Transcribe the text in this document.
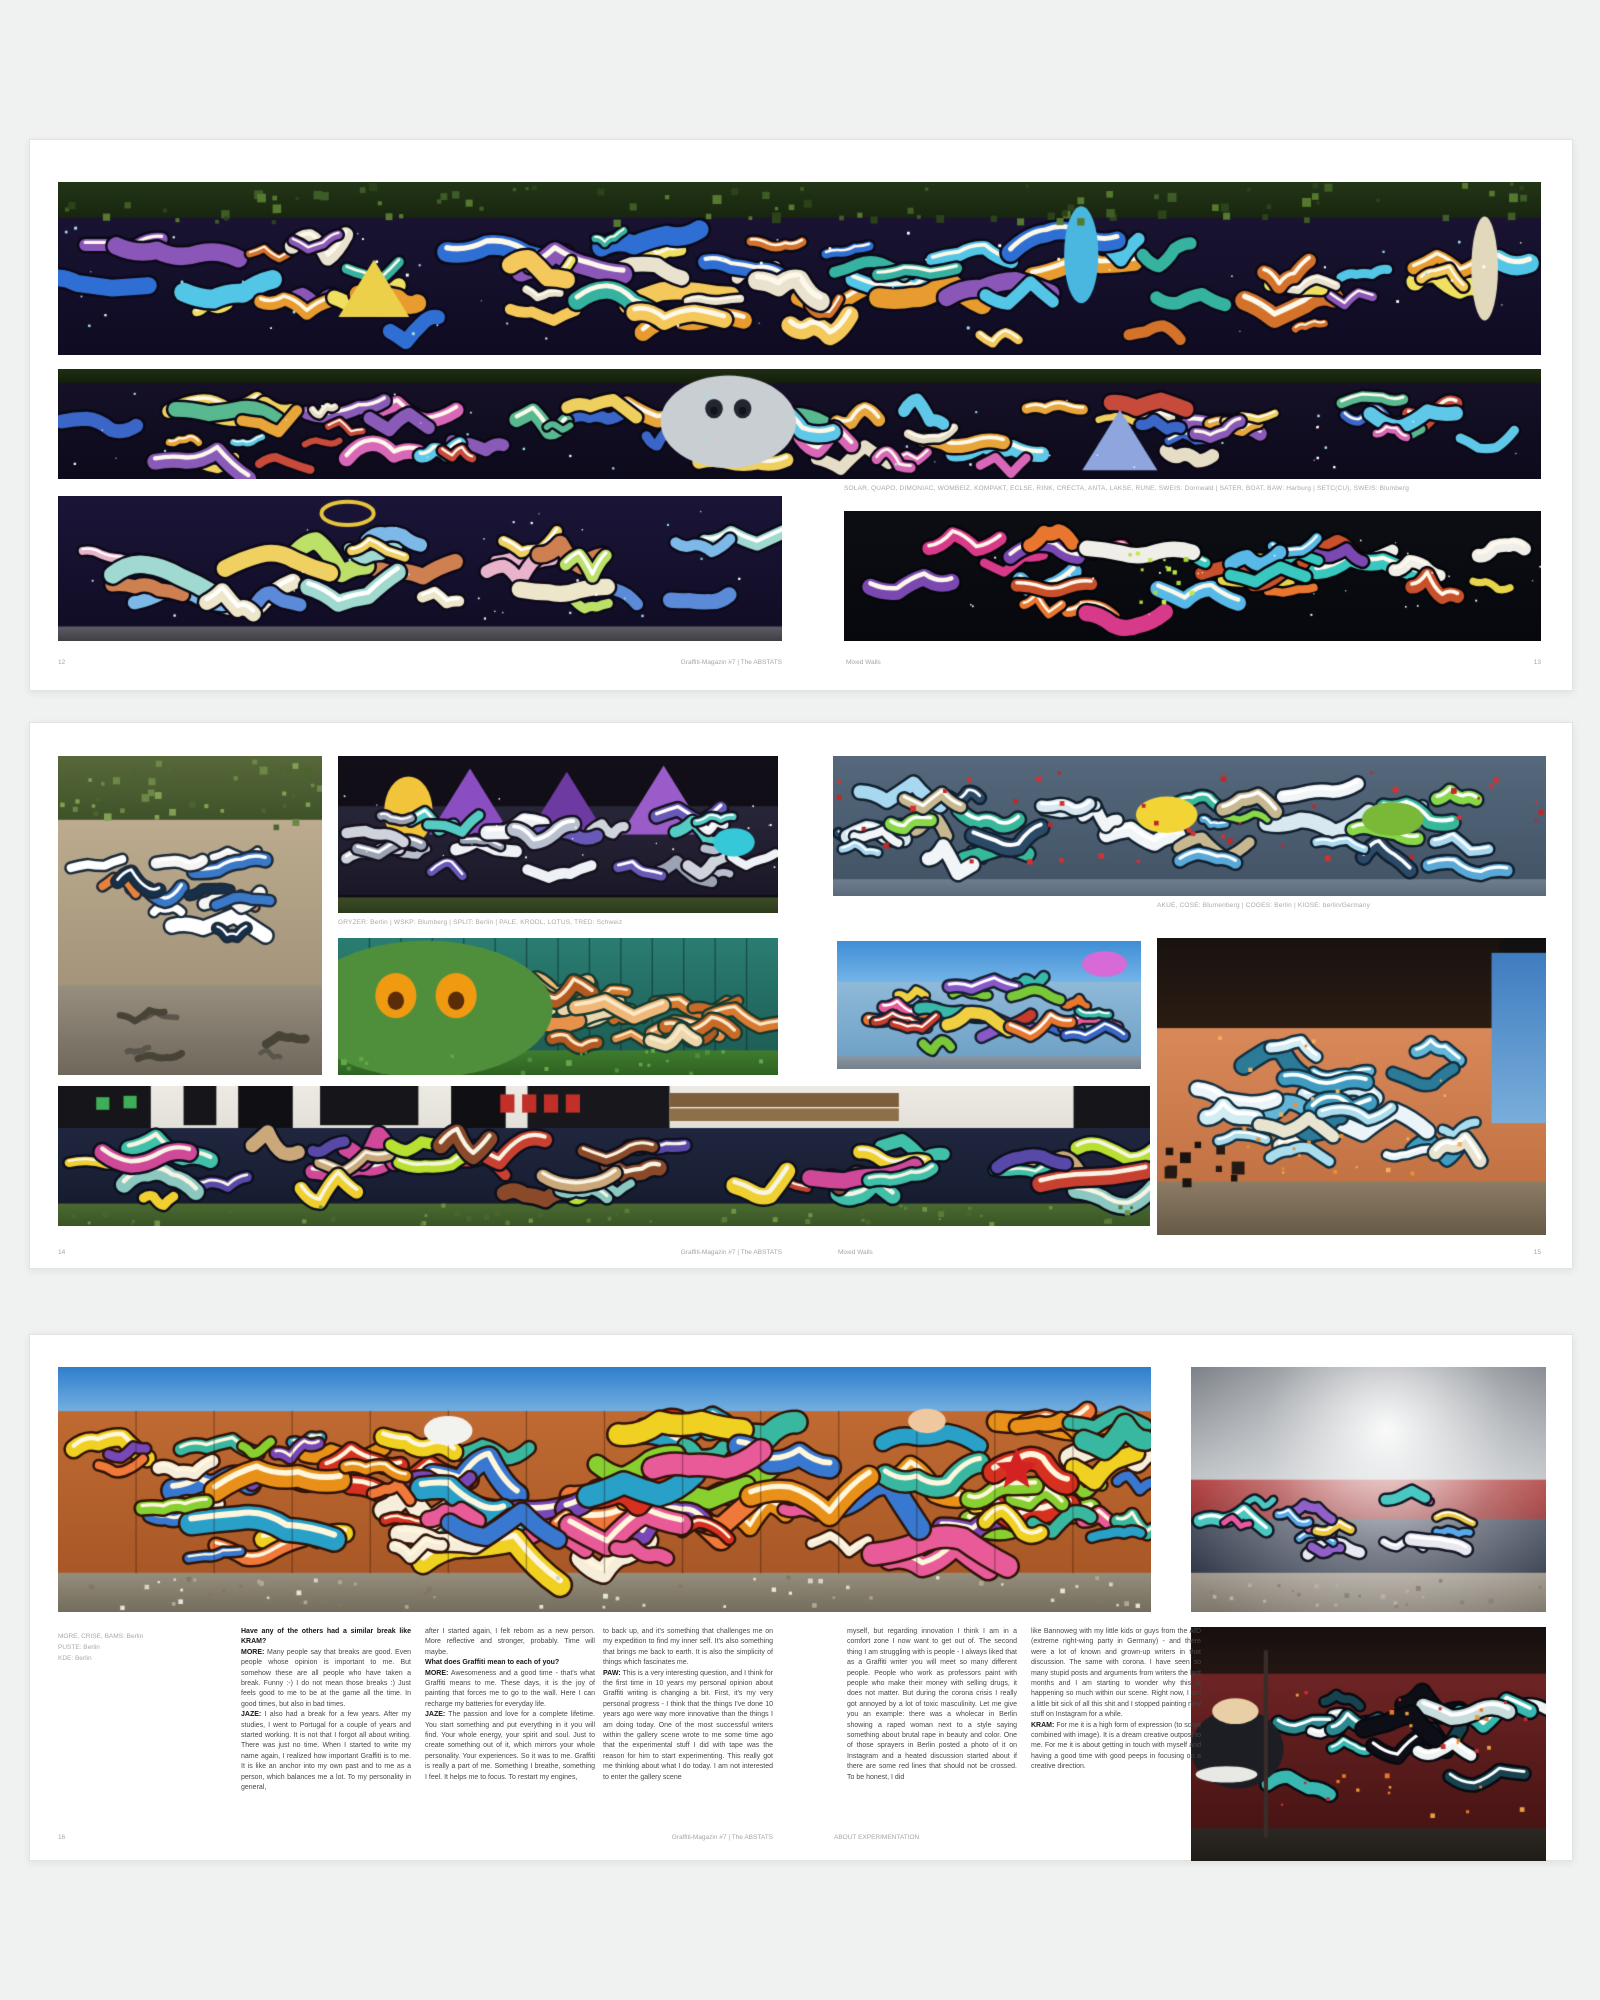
SOLAR, QUAPO, DIMONIAC, WOMBEIZ, KOMPAKT, ECLSE, RINK, CRECTA, ANTA, LAKSE, RUNE, SWEIS: Dornwald | SATER, BOAT, BAW: Harburg | SETC(CU), SWEIS: Blumberg
12	Graffiti-Magazin #7 | The ABSTATS	Mixed Walls	13
GRYZER: Berlin | WSKP: Blumberg | SPLIT: Berlin | PALE, KRODL, LOTUS, TRED: Schweiz
AKUE, COSE: Blumenberg | COGES: Berlin | KIOSE: berlin/Germany
14	Graffiti-Magazin #7 | The ABSTATS	Mixed Walls	15
MORE, CRISE, BAMS: Berlin
PUSTE: Berlin
KDE: Berlin

Have any of the others had a similar break like KRAM?

MORE: Many people say that breaks are good. Even people whose opinion is important to me. But somehow these are all people who have taken a break. Funny :-) I do not mean those breaks :) Just feels good to me to be at the game all the time. In good times, but also in bad times.

JAZE: I also had a break for a few years. After my studies, I went to Portugal for a couple of years and started working. It is not that I forgot all about writing. There was just no time. When I started to write my name again, I realized how important Graffiti is to me. It is like an anchor into my own past and to me as a person, which balances me a lot. To my personality in general,

after I started again, I felt reborn as a new person. More reflective and stronger, probably. Time will maybe.

What does Graffiti mean to each of you?

MORE: Awesomeness and a good time - that's what Graffiti means to me. These days, it is the joy of painting that forces me to go to the wall. Here I can recharge my batteries for everyday life.

JAZE: The passion and love for a complete lifetime. You start something and put everything in it you will find. Your whole energy, your spirit and soul. Just to create something out of it, which mirrors your whole personality. Your experiences. So it was to me. Graffiti is really a part of me. Something I breathe, something I feel. It helps me to focus. To restart my engines,

to back up, and it's something that challenges me on my expedition to find my inner self. It's also something that brings me back to earth. It is also the simplicity of things which fascinates me.

PAW: This is a very interesting question, and I think for the first time in 10 years my personal opinion about Graffiti writing is changing a bit. First, it's my very personal progress - I think that the things I've done 10 years ago were way more innovative than the things I am doing today. One of the most successful writers within the gallery scene wrote to me some time ago that the experimental stuff I did with tape was the reason for him to start experimenting. This really got me thinking about what I do today. I am not interested to enter the gallery scene

myself, but regarding innovation I think I am in a comfort zone I now want to get out of. The second thing I am struggling with is people - I always liked that as a Graffiti writer you will meet so many different people. People who work as professors paint with people who make their money with selling drugs, it does not matter. But during the corona crisis I really got annoyed by a lot of toxic masculinity. Let me give you an example: there was a wholecar in Berlin showing a raped woman next to a style saying something about brutal rape in beauty and color. One of those sprayers in Berlin posted a photo of it on Instagram and a heated discussion started about if there are some red lines that should not be crossed. To be honest, I did

like Bannoweg with my little kids or guys from the AfD (extreme right-wing party in Germany) - and there were a lot of known and grown-up writers in that discussion. The same with corona. I have seen so many stupid posts and arguments from writers the last months and I am starting to wonder why this is happening so much within our scene. Right now, I am a little bit sick of all this shit and I stopped painting new stuff on Instagram for a while.

KRAM: For me it is a high form of expression (to script combined with image). It is a dream creative outpost to me. For me it is about getting in touch with myself and having a good time with good peeps in focusing on a creative direction.

16	Graffiti-Magazin #7 | The ABSTATS	ABOUT EXPERIMENTATION
